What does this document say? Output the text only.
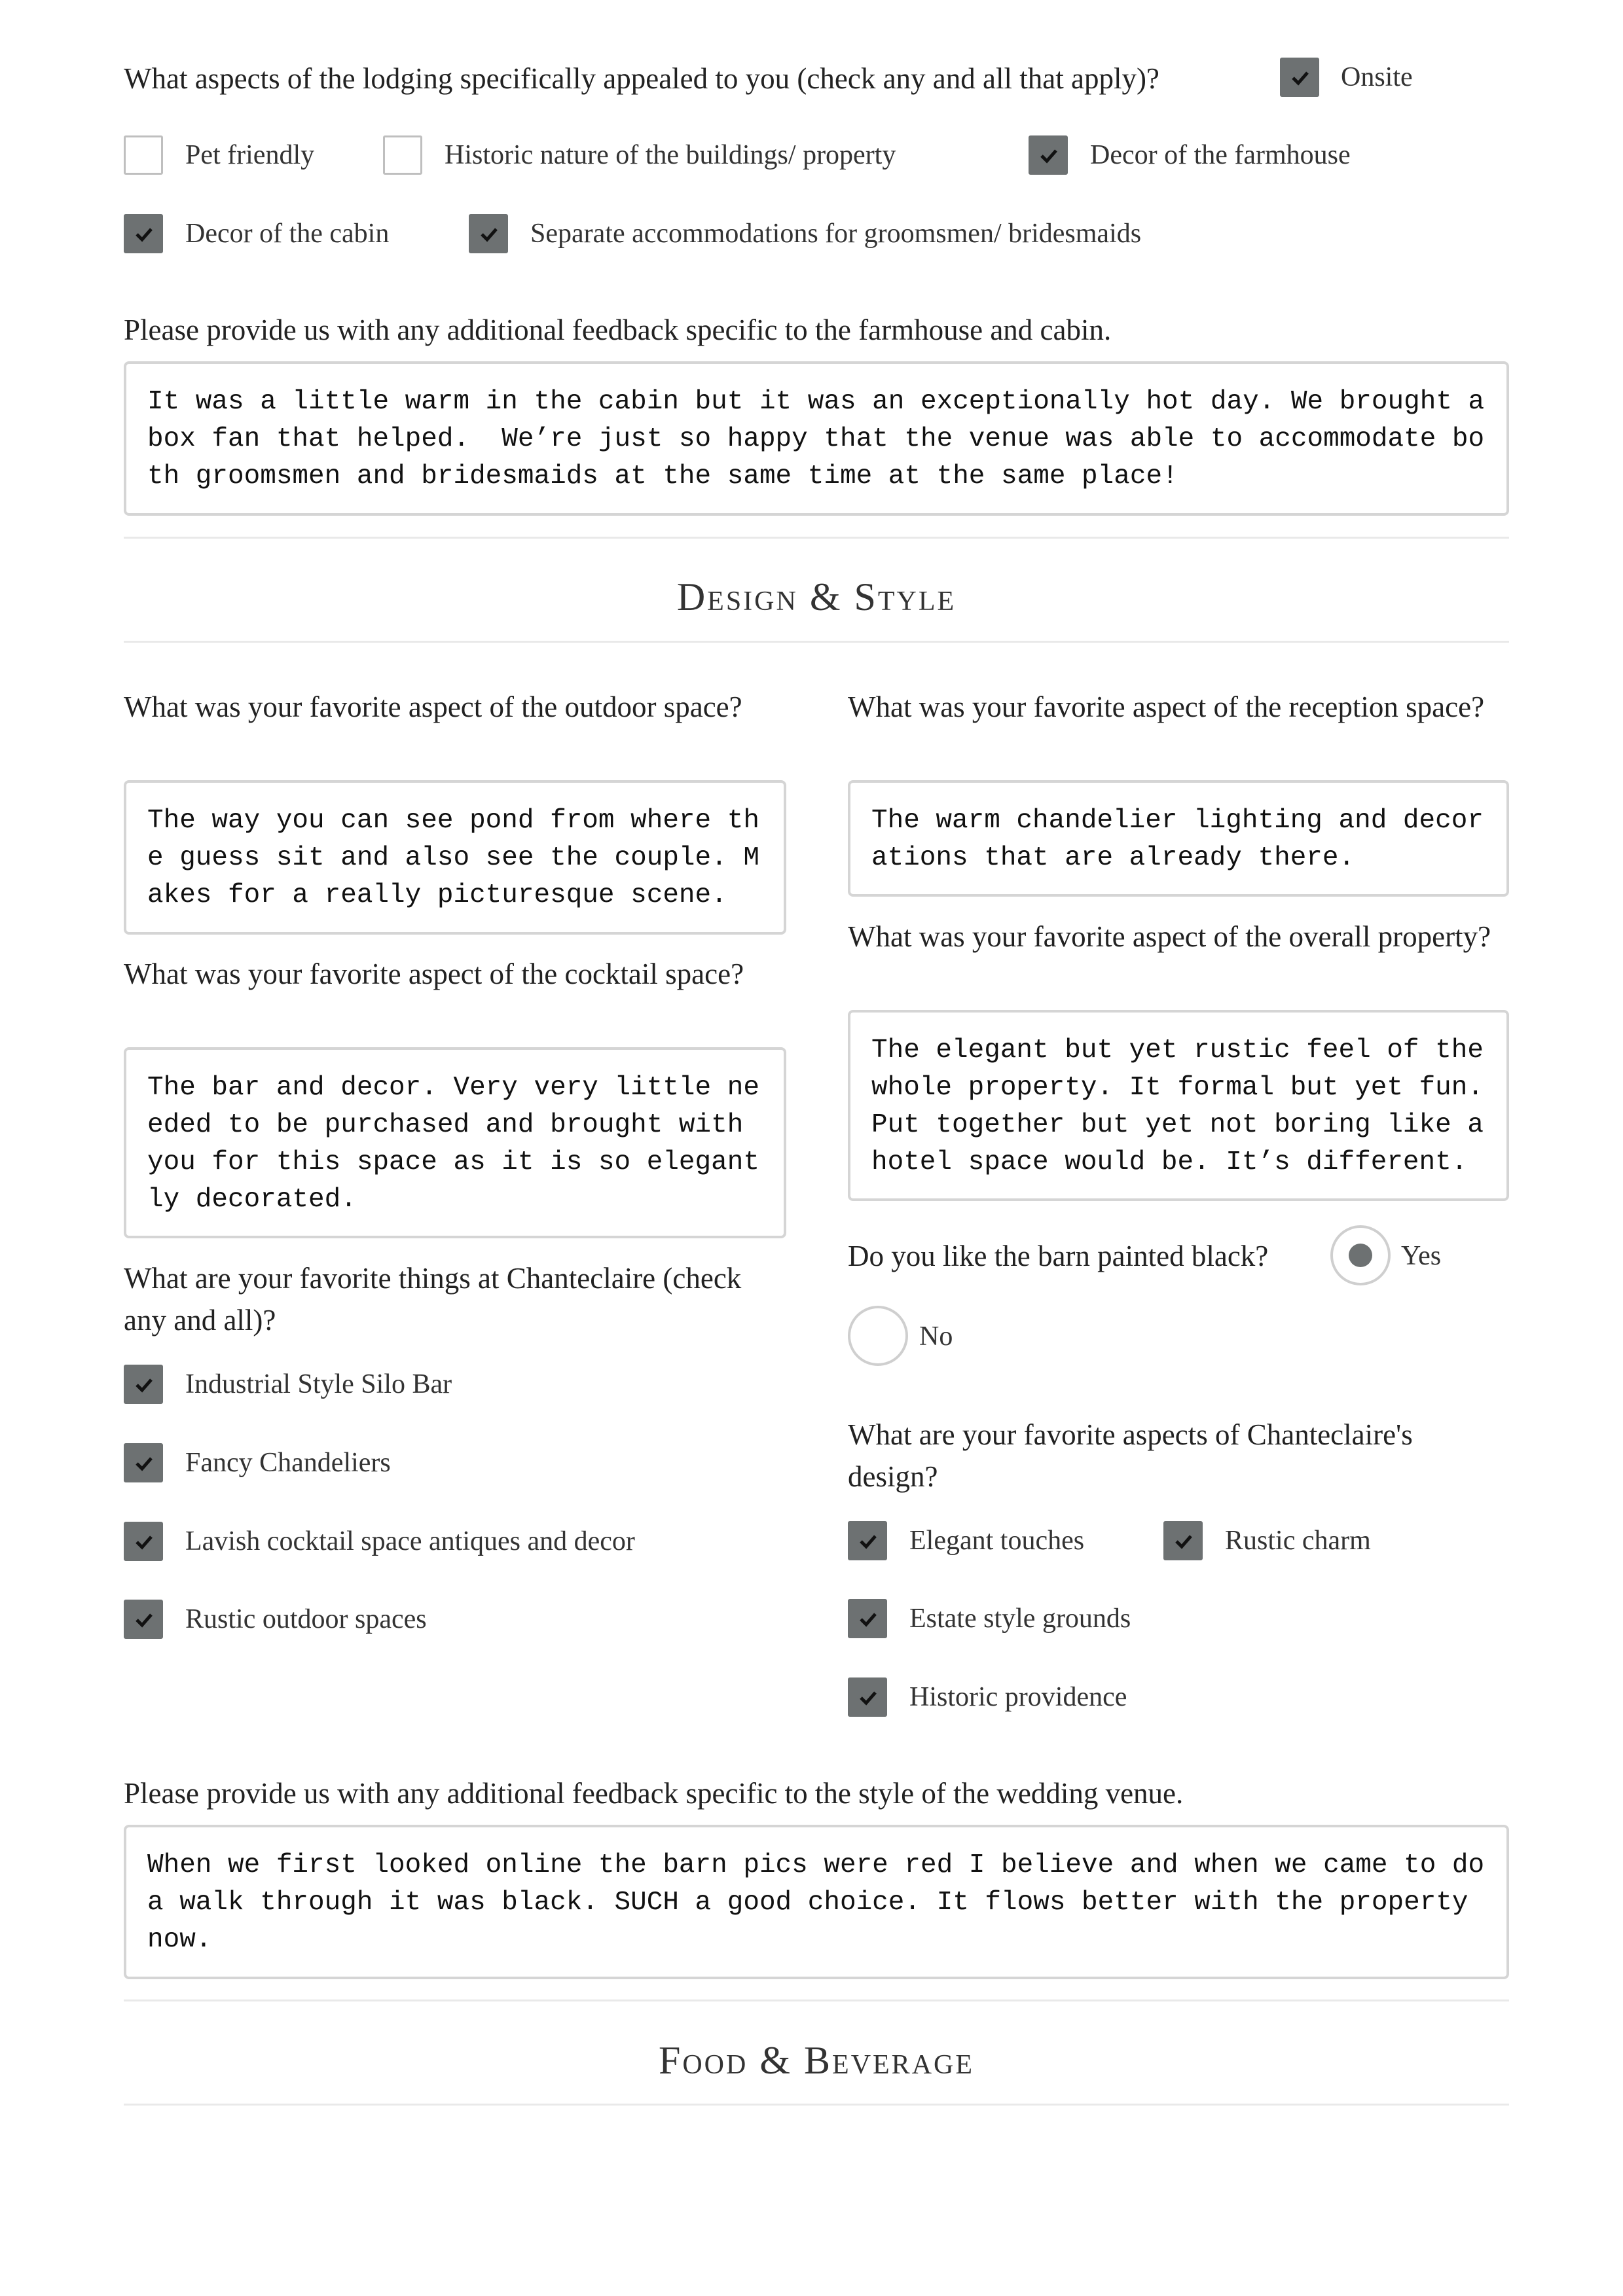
What aspects of the lodging specifically appealed to you (check any and all that apply)?	Onsite
Pet friendly	Historic nature of the buildings/ property	Decor of the farmhouse
Decor of the cabin	Separate accommodations for groomsmen/ bridesmaids
Please provide us with any additional feedback specific to the farmhouse and cabin.
It was a little warm in the cabin but it was an exceptionally hot day. We brought a box fan that helped.  We’re just so happy that the venue was able to accommodate both groomsmen and bridesmaids at the same time at the same place!
Design & Style
What was your favorite aspect of the outdoor space?
The way you can see pond from where the guess sit and also see the couple. Makes for a really picturesque scene.
What was your favorite aspect of the cocktail space?
The bar and decor. Very very little needed to be purchased and brought with you for this space as it is so elegantly decorated.
What are your favorite things at Chanteclaire (check any and all)?
Industrial Style Silo Bar
Fancy Chandeliers
Lavish cocktail space antiques and decor
Rustic outdoor spaces
What was your favorite aspect of the reception space?
The warm chandelier lighting and decorations that are already there.
What was your favorite aspect of the overall property?
The elegant but yet rustic feel of the whole property. It formal but yet fun. Put together but yet not boring like a hotel space would be. It’s different.
Do you like the barn painted black?	Yes
No
What are your favorite aspects of Chanteclaire's design?
Elegant touches	Rustic charm
Estate style grounds
Historic providence
Please provide us with any additional feedback specific to the style of the wedding venue.
When we first looked online the barn pics were red I believe and when we came to do a walk through it was black. SUCH a good choice. It flows better with the property now.
Food & Beverage
